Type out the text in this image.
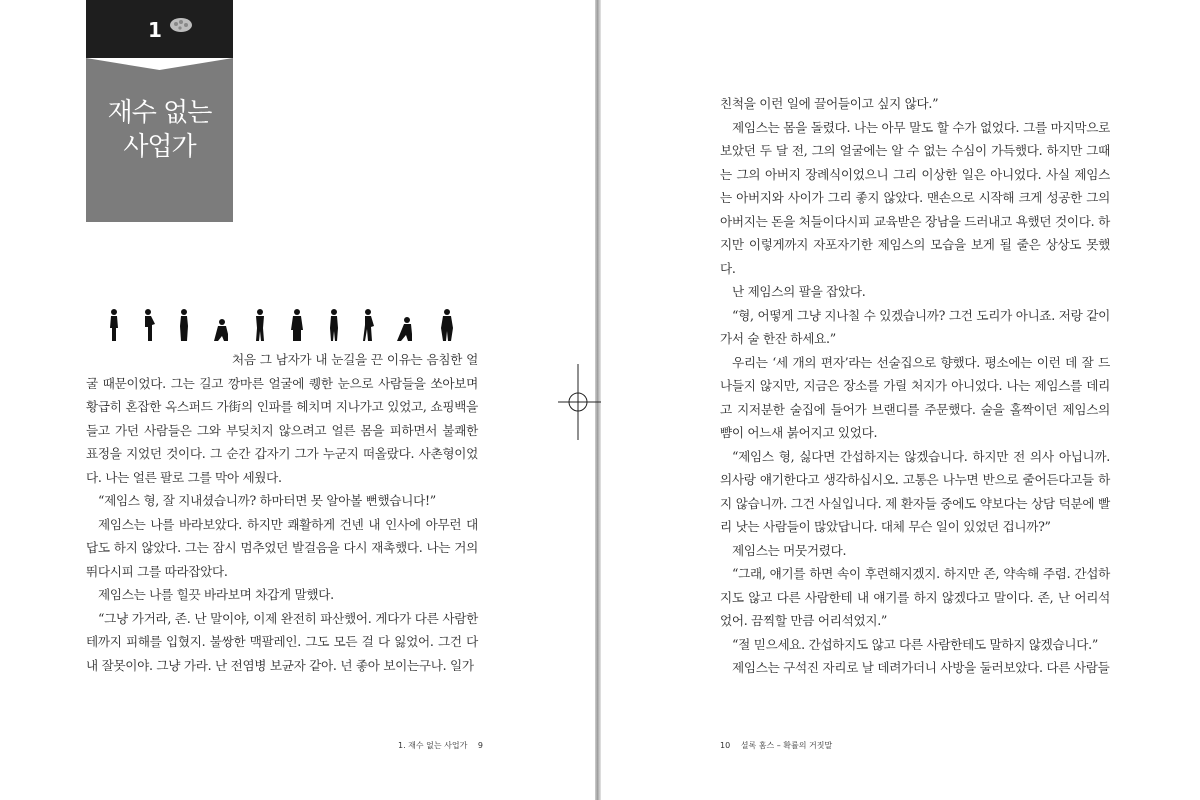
1
재수 없는
사업가

처음 그 남자가 내 눈길을 끈 이유는 음침한 얼굴 때문이었다. 그는 길고 깡마른 얼굴에 퀭한 눈으로 사람들을 쏘아보며 황급히 혼잡한 옥스퍼드 가街의 인파를 헤치며 지나가고 있었고, 쇼핑백을 들고 가던 사람들은 그와 부딪치지 않으려고 얼른 몸을 피하면서 불쾌한 표정을 지었던 것이다. 그 순간 갑자기 그가 누군지 떠올랐다. 사촌형이었다. 나는 얼른 팔로 그를 막아 세웠다.

“제임스 형, 잘 지내셨습니까? 하마터면 못 알아볼 뻔했습니다!”

제임스는 나를 바라보았다. 하지만 쾌활하게 건넨 내 인사에 아무런 대답도 하지 않았다. 그는 잠시 멈추었던 발걸음을 다시 재촉했다. 나는 거의 뛰다시피 그를 따라잡았다.

제임스는 나를 힐끗 바라보며 차갑게 말했다.

“그냥 가거라, 존. 난 말이야, 이제 완전히 파산했어. 게다가 다른 사람한테까지 피해를 입혔지. 불쌍한 맥팔레인. 그도 모든 걸 다 잃었어. 그건 다 내 잘못이야. 그냥 가라. 난 전염병 보균자 같아. 넌 좋아 보이는구나. 일가

1. 재수 없는 사업가 9

친척을 이런 일에 끌어들이고 싶지 않다.”

제임스는 몸을 돌렸다. 나는 아무 말도 할 수가 없었다. 그를 마지막으로 보았던 두 달 전, 그의 얼굴에는 알 수 없는 수심이 가득했다. 하지만 그때는 그의 아버지 장례식이었으니 그리 이상한 일은 아니었다. 사실 제임스는 아버지와 사이가 그리 좋지 않았다. 맨손으로 시작해 크게 성공한 그의 아버지는 돈을 처들이다시피 교육받은 장남을 드러내고 욕했던 것이다. 하지만 이렇게까지 자포자기한 제임스의 모습을 보게 될 줄은 상상도 못했다.

난 제임스의 팔을 잡았다.

“형, 어떻게 그냥 지나칠 수 있겠습니까? 그건 도리가 아니죠. 저랑 같이 가서 술 한잔 하세요.”

우리는 ‘세 개의 편자’라는 선술집으로 향했다. 평소에는 이런 데 잘 드나들지 않지만, 지금은 장소를 가릴 처지가 아니었다. 나는 제임스를 데리고 지저분한 술집에 들어가 브랜디를 주문했다. 술을 홀짝이던 제임스의 뺨이 어느새 붉어지고 있었다.

“제임스 형, 싫다면 간섭하지는 않겠습니다. 하지만 전 의사 아닙니까. 의사랑 얘기한다고 생각하십시오. 고통은 나누면 반으로 줄어든다고들 하지 않습니까. 그건 사실입니다. 제 환자들 중에도 약보다는 상담 덕분에 빨리 낫는 사람들이 많았답니다. 대체 무슨 일이 있었던 겁니까?”

제임스는 머뭇거렸다.

“그래, 얘기를 하면 속이 후련해지겠지. 하지만 존, 약속해 주렴. 간섭하지도 않고 다른 사람한테 내 얘기를 하지 않겠다고 말이다. 존, 난 어리석었어. 끔찍할 만큼 어리석었지.”

“절 믿으세요. 간섭하지도 않고 다른 사람한테도 말하지 않겠습니다.”

제임스는 구석진 자리로 날 데려가더니 사방을 둘러보았다. 다른 사람들

10 셜록 홈스 – 확률의 거짓말
